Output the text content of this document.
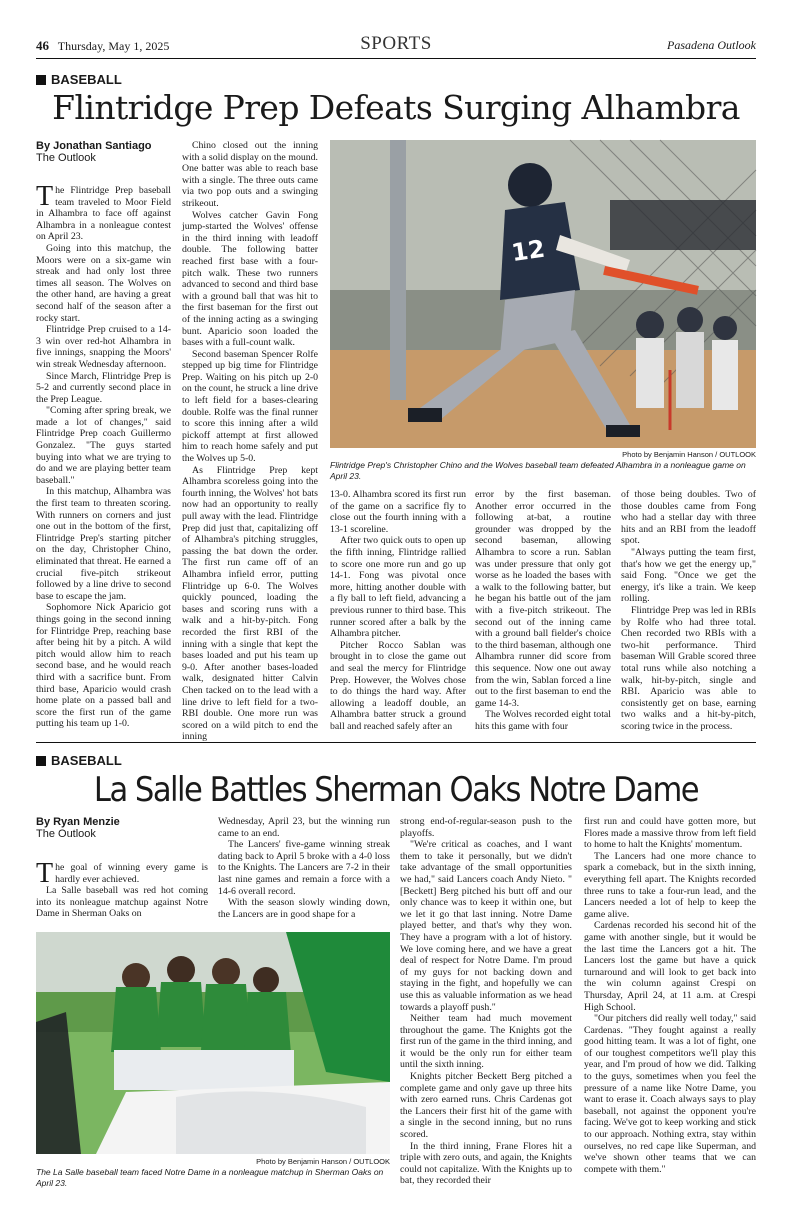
46 Thursday, May 1, 2025	SPORTS	Pasadena Outlook
BASEBALL
Flintridge Prep Defeats Surging Alhambra
By Jonathan Santiago
The Outlook

The Flintridge Prep baseball team traveled to Moor Field in Alhambra to face off against Alhambra in a nonleague contest on April 23.

Going into this matchup, the Moors were on a six-game win streak and had only lost three times all season. The Wolves on the other hand, are having a great second half of the season after a rocky start.

Flintridge Prep cruised to a 14-3 win over red-hot Alhambra in five innings, snapping the Moors' win streak Wednesday afternoon.

Since March, Flintridge Prep is 5-2 and currently second place in the Prep League.

"Coming after spring break, we made a lot of changes," said Flintridge Prep coach Guillermo Gonzalez. "The guys started buying into what we are trying to do and we are playing better team baseball."

In this matchup, Alhambra was the first team to threaten scoring. With runners on corners and just one out in the bottom of the first, Flintridge Prep's starting pitcher on the day, Christopher Chino, eliminated that threat. He earned a crucial five-pitch strikeout followed by a line drive to second base to escape the jam.

Sophomore Nick Aparicio got things going in the second inning for Flintridge Prep, reaching base after being hit by a pitch. A wild pitch would allow him to reach second base, and he would reach third with a sacrifice bunt. From third base, Aparicio would crash home plate on a passed ball and score the first run of the game putting his team up 1-0.

Chino closed out the inning with a solid display on the mound. One batter was able to reach base with a single. The three outs came via two pop outs and a swinging strikeout.

Wolves catcher Gavin Fong jump-started the Wolves' offense in the third inning with leadoff double. The following batter reached first base with a four-pitch walk. These two runners advanced to second and third base with a ground ball that was hit to the first baseman for the first out of the inning acting as a swinging bunt. Aparicio soon loaded the bases with a full-count walk.

Second baseman Spencer Rolfe stepped up big time for Flintridge Prep. Waiting on his pitch up 2-0 on the count, he struck a line drive to left field for a bases-clearing double. Rolfe was the final runner to score this inning after a wild pickoff attempt at first allowed him to reach home safely and put the Wolves up 5-0.

As Flintridge Prep kept Alhambra scoreless going into the fourth inning, the Wolves' hot bats now had an opportunity to really pull away with the lead. Flintridge Prep did just that, capitalizing off of Alhambra's pitching struggles, passing the bat down the order. The first run came off of an Alhambra infield error, putting Flintridge up 6-0. The Wolves quickly pounced, loading the bases and scoring runs with a walk and a hit-by-pitch. Fong recorded the first RBI of the inning with a single that kept the bases loaded and put his team up 9-0. After another bases-loaded walk, designated hitter Calvin Chen tacked on to the lead with a line drive to left field for a two-RBI double. One more run was scored on a wild pitch to end the inning

12
Photo by Benjamin Hanson / OUTLOOK
Flintridge Prep's Christopher Chino and the Wolves baseball team defeated Alhambra in a nonleague game on April 23.

13-0. Alhambra scored its first run of the game on a sacrifice fly to close out the fourth inning with a 13-1 scoreline.

After two quick outs to open up the fifth inning, Flintridge rallied to score one more run and go up 14-1. Fong was pivotal once more, hitting another double with a fly ball to left field, advancing a previous runner to third base. This runner scored after a balk by the Alhambra pitcher.

Pitcher Rocco Sablan was brought in to close the game out and seal the mercy for Flintridge Prep. However, the Wolves chose to do things the hard way. After allowing a leadoff double, an Alhambra batter struck a ground ball and reached safely after an

error by the first baseman. Another error occurred in the following at-bat, a routine grounder was dropped by the second baseman, allowing Alhambra to score a run. Sablan was under pressure that only got worse as he loaded the bases with a walk to the following batter, but he began his battle out of the jam with a five-pitch strikeout. The second out of the inning came with a ground ball fielder's choice to the third baseman, although one Alhambra runner did score from this sequence. Now one out away from the win, Sablan forced a line out to the first baseman to end the game 14-3.

The Wolves recorded eight total hits this game with four

of those being doubles. Two of those doubles came from Fong who had a stellar day with three hits and an RBI from the leadoff spot.

"Always putting the team first, that's how we get the energy up," said Fong. "Once we get the energy, it's like a train. We keep rolling.

Flintridge Prep was led in RBIs by Rolfe who had three total. Chen recorded two RBIs with a two-hit performance. Third baseman Will Grable scored three total runs while also notching a walk, hit-by-pitch, single and RBI. Aparicio was able to consistently get on base, earning two walks and a hit-by-pitch, scoring twice in the process.

BASEBALL
La Salle Battles Sherman Oaks Notre Dame
By Ryan Menzie
The Outlook

The goal of winning every game is hardly ever achieved.

La Salle baseball was red hot coming into its nonleague matchup against Notre Dame in Sherman Oaks on

Wednesday, April 23, but the winning run came to an end.

The Lancers' five-game winning streak dating back to April 5 broke with a 4-0 loss to the Knights. The Lancers are 7-2 in their last nine games and remain a force with a 14-6 overall record.

With the season slowly winding down, the Lancers are in good shape for a

Photo by Benjamin Hanson / OUTLOOK
The La Salle baseball team faced Notre Dame in a nonleague matchup in Sherman Oaks on April 23.

strong end-of-regular-season push to the playoffs.

"We're critical as coaches, and I want them to take it personally, but we didn't take advantage of the small opportunities we had," said Lancers coach Andy Nieto. "[Beckett] Berg pitched his butt off and our only chance was to keep it within one, but we let it go that last inning. Notre Dame played better, and that's why they won. They have a program with a lot of history. We love coming here, and we have a great deal of respect for Notre Dame. I'm proud of my guys for not backing down and staying in the fight, and hopefully we can use this as valuable information as we head towards a playoff push."

Neither team had much movement throughout the game. The Knights got the first run of the game in the third inning, and it would be the only run for either team until the sixth inning.

Knights pitcher Beckett Berg pitched a complete game and only gave up three hits with zero earned runs. Chris Cardenas got the Lancers their first hit of the game with a single in the second inning, but no runs scored.

In the third inning, Frane Flores hit a triple with zero outs, and again, the Knights could not capitalize. With the Knights up to bat, they recorded their

first run and could have gotten more, but Flores made a massive throw from left field to home to halt the Knights' momentum.

The Lancers had one more chance to spark a comeback, but in the sixth inning, everything fell apart. The Knights recorded three runs to take a four-run lead, and the Lancers needed a lot of help to keep the game alive.

Cardenas recorded his second hit of the game with another single, but it would be the last time the Lancers got a hit. The Lancers lost the game but have a quick turnaround and will look to get back into the win column against Crespi on Thursday, April 24, at 11 a.m. at Crespi High School.

"Our pitchers did really well today," said Cardenas. "They fought against a really good hitting team. It was a lot of fight, one of our toughest competitors we'll play this year, and I'm proud of how we did. Talking to the guys, sometimes when you feel the pressure of a name like Notre Dame, you want to erase it. Coach always says to play baseball, not against the opponent you're facing. We've got to keep working and stick to our approach. Nothing extra, stay within ourselves, no red cape like Superman, and we've shown other teams that we can compete with them."
